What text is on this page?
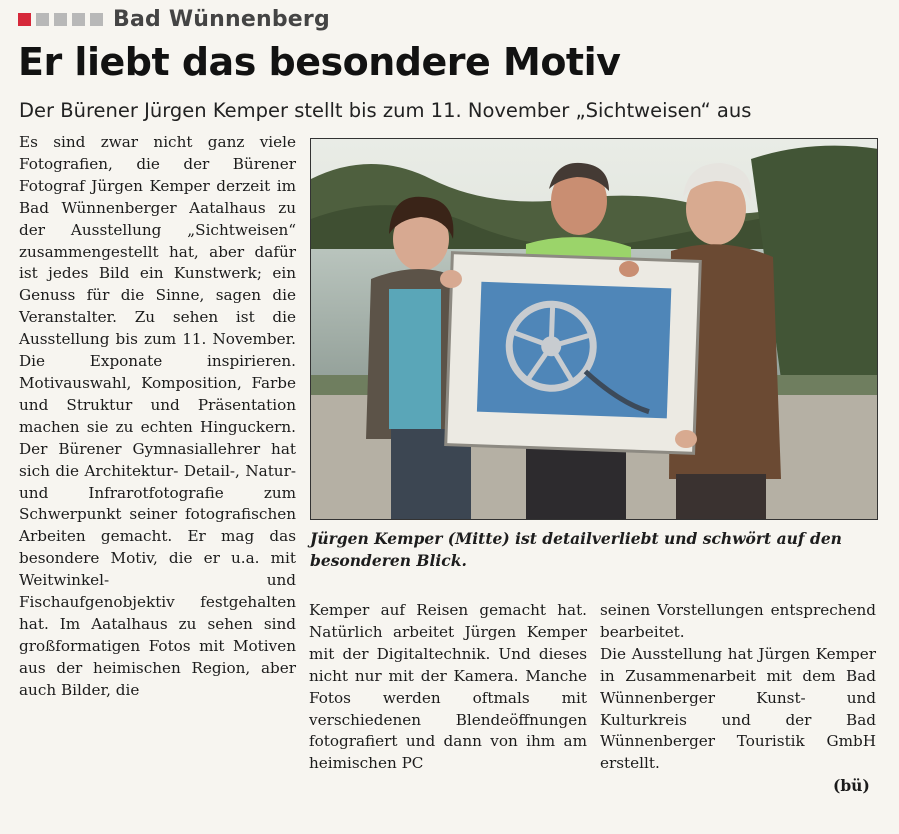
Bad Wünnenberg
Er liebt das besondere Motiv
Der Bürener Jürgen Kemper stellt bis zum 11. November „Sichtweisen“ aus

Es sind zwar nicht ganz viele Fotografien, die der Bürener Fotograf Jürgen Kemper derzeit im Bad Wünnenberger Aatalhaus zu der Ausstellung „Sichtweisen“ zusammengestellt hat, aber dafür ist jedes Bild ein Kunstwerk; ein Genuss für die Sinne, sagen die Veranstalter. Zu sehen ist die Ausstellung bis zum 11. November. Die Exponate inspirieren. Motivauswahl, Komposition, Farbe und Struktur und Präsentation machen sie zu echten Hinguckern. Der Bürener Gymnasiallehrer hat sich die Architektur- Detail-, Natur- und Infrarotfotografie zum Schwerpunkt seiner fotografischen Arbeiten gemacht. Er mag das besondere Motiv, die er u.a. mit Weitwinkel- und Fischaufgenobjektiv festgehalten hat. Im Aatalhaus zu sehen sind großformatigen Fotos mit Motiven aus der heimischen Region, aber auch Bilder, die

Jürgen Kemper (Mitte) ist detailverliebt und schwört auf den besonderen Blick.

Kemper auf Reisen gemacht hat. Natürlich arbeitet Jürgen Kemper mit der Digitaltechnik. Und dieses nicht nur mit der Kamera. Manche Fotos werden oftmals mit verschiedenen Blendeöffnungen fotografiert und dann von ihm am heimischen PC

seinen Vorstellungen entsprechend bearbeitet.

Die Ausstellung hat Jürgen Kemper in Zusammenarbeit mit dem Bad Wünnenberger Kunst- und Kulturkreis und der Bad Wünnenberger Touristik GmbH erstellt.

(bü)
